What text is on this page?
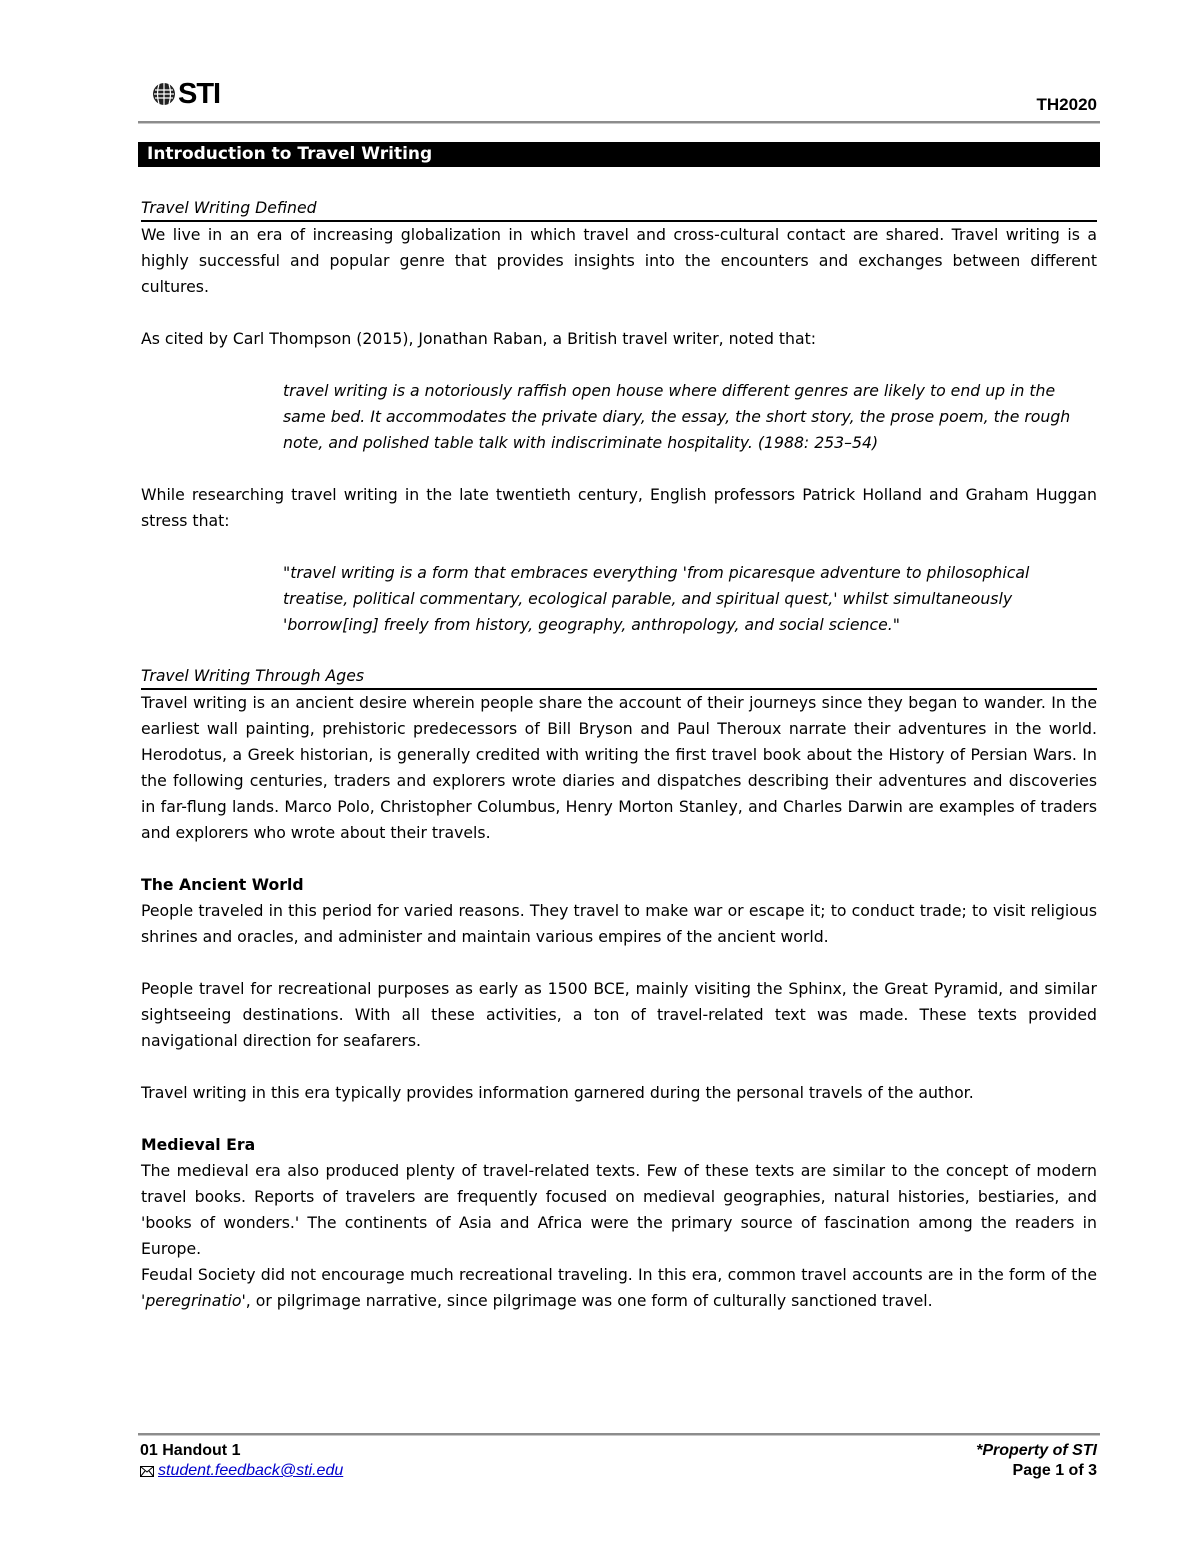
STI	TH2020
Introduction to Travel Writing

Travel Writing Defined

We live in an era of increasing globalization in which travel and cross-cultural contact are shared. Travel writing is a highly successful and popular genre that provides insights into the encounters and exchanges between different cultures.

As cited by Carl Thompson (2015), Jonathan Raban, a British travel writer, noted that:

travel writing is a notoriously raffish open house where different genres are likely to end up in the same bed. It accommodates the private diary, the essay, the short story, the prose poem, the rough note, and polished table talk with indiscriminate hospitality. (1988: 253–54)

While researching travel writing in the late twentieth century, English professors Patrick Holland and Graham Huggan stress that:

"travel writing is a form that embraces everything 'from picaresque adventure to philosophical treatise, political commentary, ecological parable, and spiritual quest,' whilst simultaneously 'borrow[ing] freely from history, geography, anthropology, and social science."

Travel Writing Through Ages

Travel writing is an ancient desire wherein people share the account of their journeys since they began to wander. In the earliest wall painting, prehistoric predecessors of Bill Bryson and Paul Theroux narrate their adventures in the world. Herodotus, a Greek historian, is generally credited with writing the first travel book about the History of Persian Wars. In the following centuries, traders and explorers wrote diaries and dispatches describing their adventures and discoveries in far-flung lands. Marco Polo, Christopher Columbus, Henry Morton Stanley, and Charles Darwin are examples of traders and explorers who wrote about their travels.

The Ancient World

People traveled in this period for varied reasons. They travel to make war or escape it; to conduct trade; to visit religious shrines and oracles, and administer and maintain various empires of the ancient world.

People travel for recreational purposes as early as 1500 BCE, mainly visiting the Sphinx, the Great Pyramid, and similar sightseeing destinations. With all these activities, a ton of travel-related text was made. These texts provided navigational direction for seafarers.

Travel writing in this era typically provides information garnered during the personal travels of the author.

Medieval Era

The medieval era also produced plenty of travel-related texts. Few of these texts are similar to the concept of modern travel books. Reports of travelers are frequently focused on medieval geographies, natural histories, bestiaries, and 'books of wonders.' The continents of Asia and Africa were the primary source of fascination among the readers in Europe.

Feudal Society did not encourage much recreational traveling. In this era, common travel accounts are in the form of the 'peregrinatio', or pilgrimage narrative, since pilgrimage was one form of culturally sanctioned travel.

01 Handout 1
student.feedback@sti.edu
*Property of STI
Page 1 of 3
